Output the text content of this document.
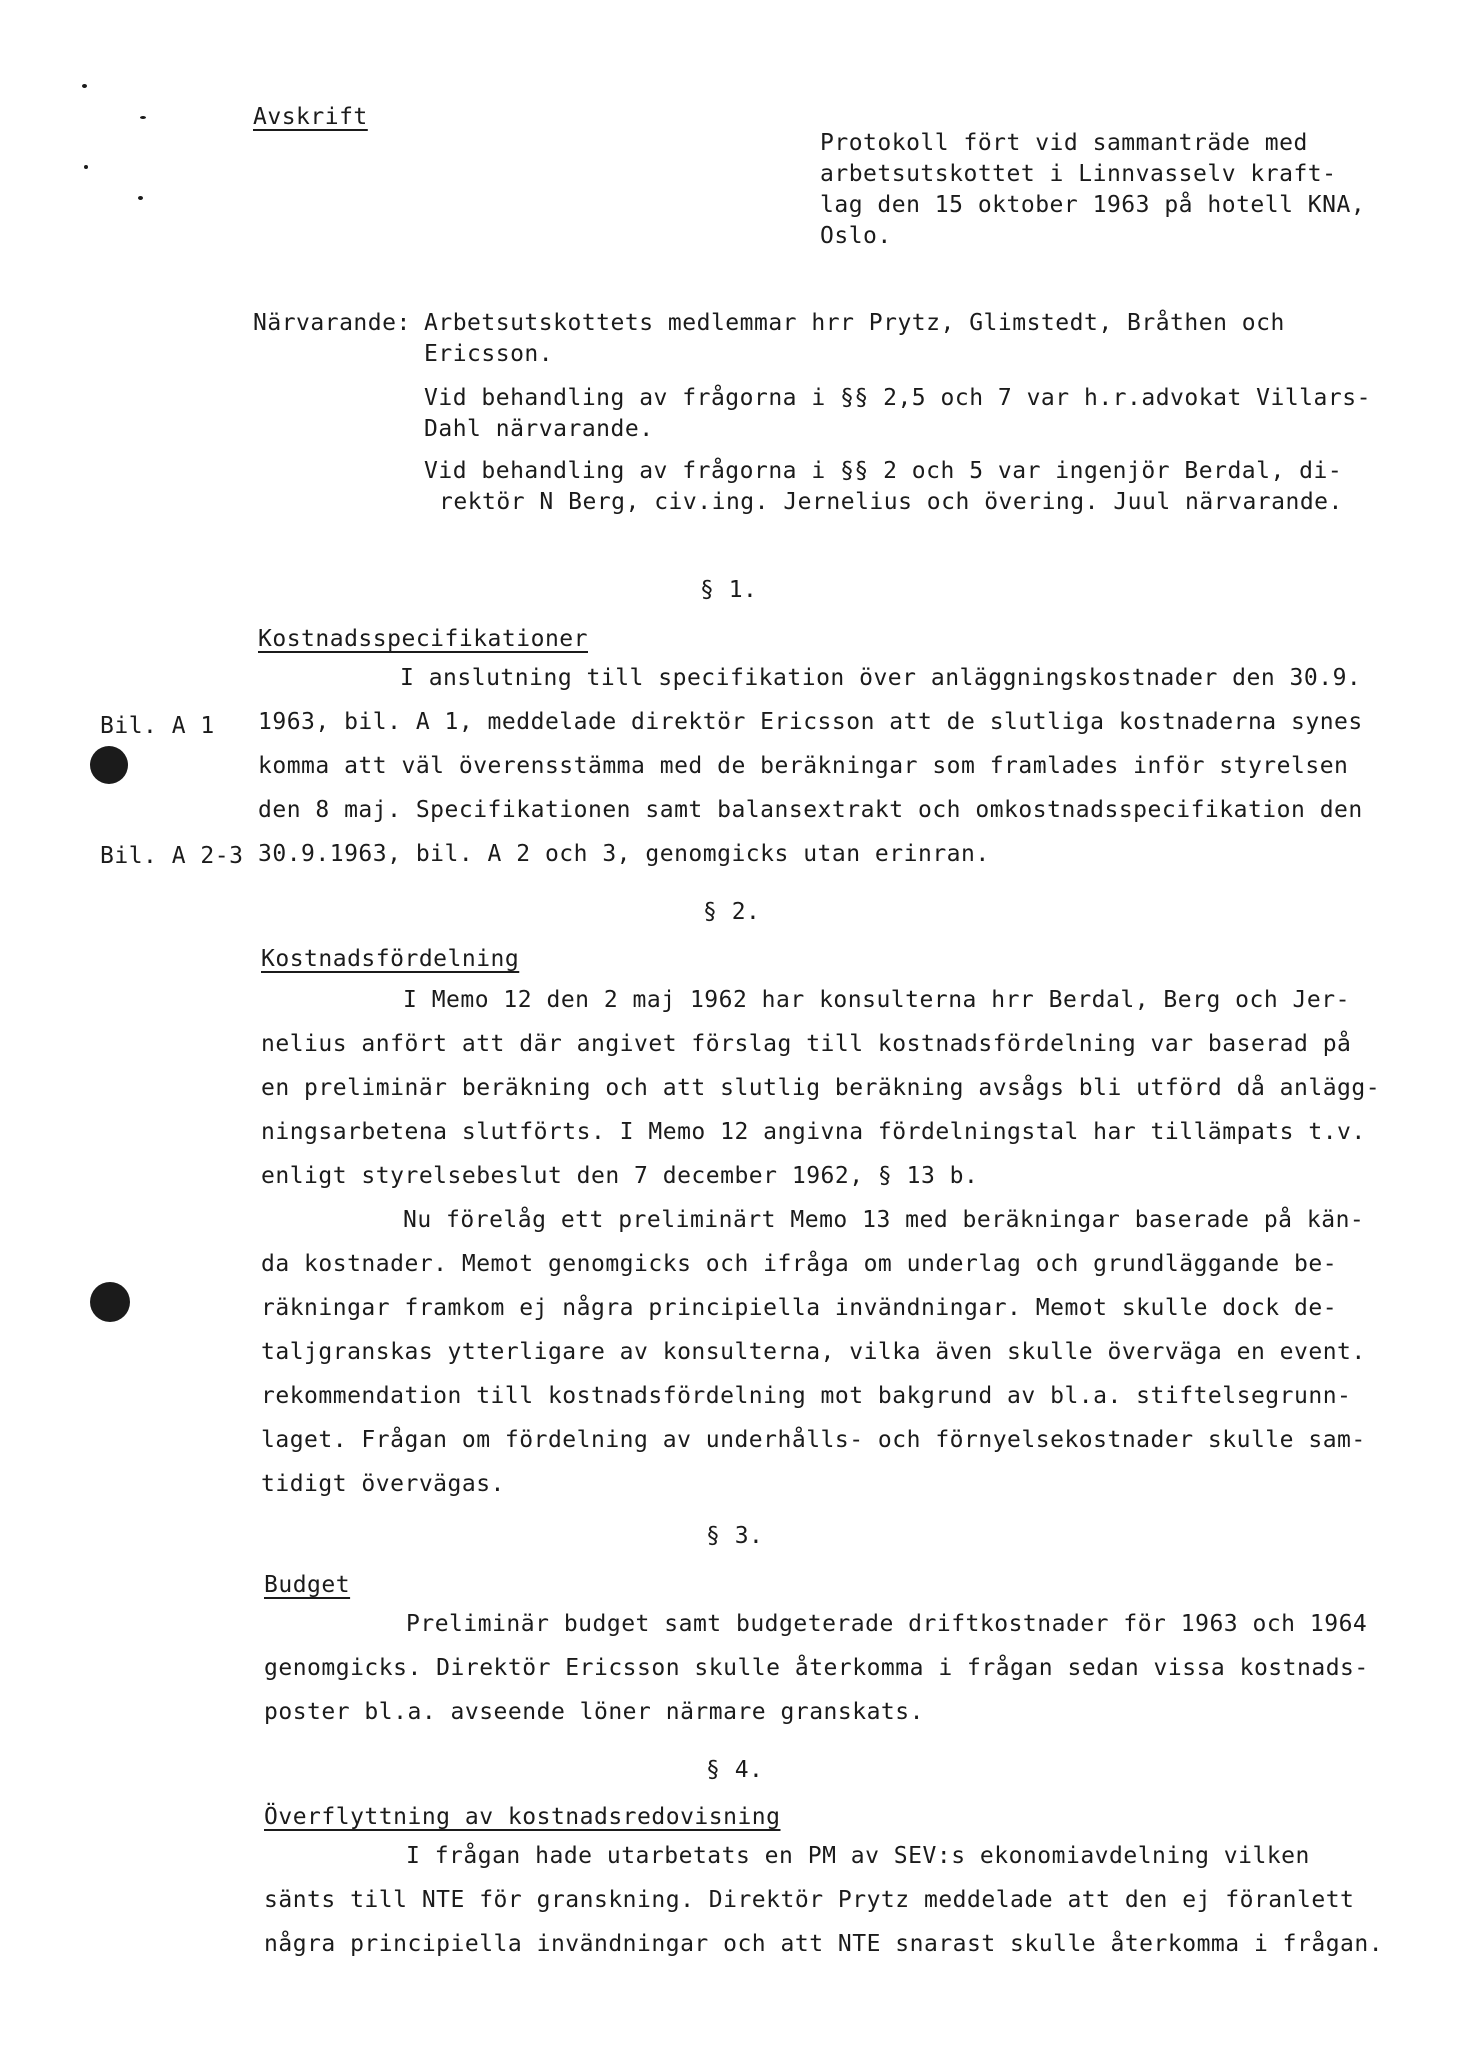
Avskrift
Protokoll fört vid sammanträde med
arbetsutskottet i Linnvasselv kraft-
lag den 15 oktober 1963 på hotell KNA,
Oslo.
Närvarande: Arbetsutskottets medlemmar hrr Prytz, Glimstedt, Bråthen och
Ericsson.
Vid behandling av frågorna i §§ 2,5 och 7 var h.r.advokat Villars-
Dahl närvarande.
Vid behandling av frågorna i §§ 2 och 5 var ingenjör Berdal, di-
rektör N Berg, civ.ing. Jernelius och övering. Juul närvarande.
§ 1.
Kostnadsspecifikationer
Bil. A 1
Bil. A 2-3
I anslutning till specifikation över anläggningskostnader den 30.9.
1963, bil. A 1, meddelade direktör Ericsson att de slutliga kostnaderna synes
komma att väl överensstämma med de beräkningar som framlades inför styrelsen
den 8 maj. Specifikationen samt balansextrakt och omkostnadsspecifikation den
30.9.1963, bil. A 2 och 3, genomgicks utan erinran.
§ 2.
Kostnadsfördelning
I Memo 12 den 2 maj 1962 har konsulterna hrr Berdal, Berg och Jer-
nelius anfört att där angivet förslag till kostnadsfördelning var baserad på
en preliminär beräkning och att slutlig beräkning avsågs bli utförd då anlägg-
ningsarbetena slutförts. I Memo 12 angivna fördelningstal har tillämpats t.v.
enligt styrelsebeslut den 7 december 1962, § 13 b.
Nu förelåg ett preliminärt Memo 13 med beräkningar baserade på kän-
da kostnader. Memot genomgicks och ifråga om underlag och grundläggande be-
räkningar framkom ej några principiella invändningar. Memot skulle dock de-
taljgranskas ytterligare av konsulterna, vilka även skulle överväga en event.
rekommendation till kostnadsfördelning mot bakgrund av bl.a. stiftelsegrunn-
laget. Frågan om fördelning av underhålls- och förnyelsekostnader skulle sam-
tidigt övervägas.
§ 3.
Budget
Preliminär budget samt budgeterade driftkostnader för 1963 och 1964
genomgicks. Direktör Ericsson skulle återkomma i frågan sedan vissa kostnads-
poster bl.a. avseende löner närmare granskats.
§ 4.
Överflyttning av kostnadsredovisning
I frågan hade utarbetats en PM av SEV:s ekonomiavdelning vilken
sänts till NTE för granskning. Direktör Prytz meddelade att den ej föranlett
några principiella invändningar och att NTE snarast skulle återkomma i frågan.
